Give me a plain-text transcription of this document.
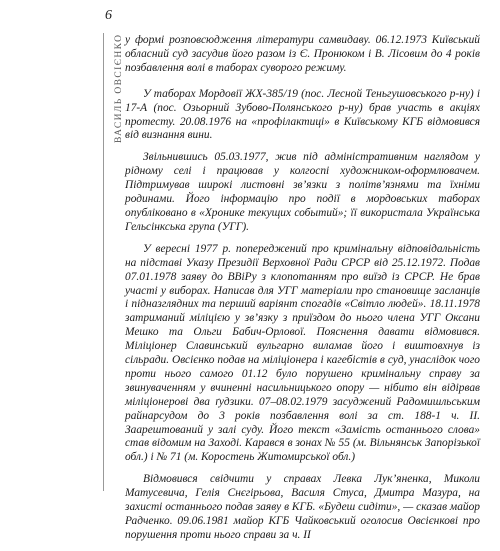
6
ВАСИЛЬ ОВСІЄНКО у формі розповсюдження літератури самвидаву. 06.12.1973 Київський обласний суд засудив його разом із Є. Пронюком і В. Лісовим до 4 років позбавлення волі в таборах суворого режиму.

У таборах Мордовії ЖХ-385/19 (пос. Лесной Теньгушовського р-ну) і 17-А (пос. Озьорний Зубово-Полянського р-ну) брав участь в акціях протесту. 20.08.1976 на «профілактиці» в Київському КГБ відмовився від визнання вини.

Звільнившись 05.03.1977, жив під адміністративним наглядом у рідному селі і працював у колгоспі художником-оформлювачем. Підтримував широкі листовні зв’язки з політв’язнями та їхніми родинами. Його інформацію про події в мордовських таборах опубліковано в «Хронике текущих событий»; її використала Українська Гельсінкська група (УГГ).

У вересні 1977 р. попереджений про кримінальну відповідальність на підставі Указу Президії Верховної Ради СРСР від 25.12.1972. Подав 07.01.1978 заяву до ВВіРу з клопотанням про виїзд із СРСР. Не брав участі у виборах. Написав для УГГ матеріали про становище засланців і підназглядних та перший варіянт спогадів «Світло людей». 18.11.1978 затриманий міліцією у зв’язку з приїздом до нього члена УГГ Оксани Мешко та Ольги Бабич-Орлової. Пояснення давати відмовився. Міліціонер Славинський вульгарно виламав його і виштовхнув із сільради. Овсієнко подав на міліціонера і кагебістів в суд, унаслідок чого проти нього самого 01.12 було порушено кримінальну справу за звинуваченням у вчиненні насильницького опору — нібито він відірвав міліціонерові два ґудзики. 07–08.02.1979 засуджений Радомишльським райнарсудом до 3 років позбавлення волі за ст. 188-1 ч. II. Заарештований у залі суду. Його текст «Замість останнього слова» став відомим на Заході. Карався в зонах № 55 (м. Вільнянськ Запорізької обл.) і № 71 (м. Коростень Житомирської обл.)

Відмовився свідчити у справах Левка Лук’яненка, Миколи Матусевича, Гелія Снєгірьова, Василя Стуса, Дмитра Мазура, на захисті останнього подав заяву в КГБ. «Будеш сидіти», — сказав майор Радченко. 09.06.1981 майор КГБ Чайковський оголосив Овсієнкові про порушення проти нього справи за ч. II
